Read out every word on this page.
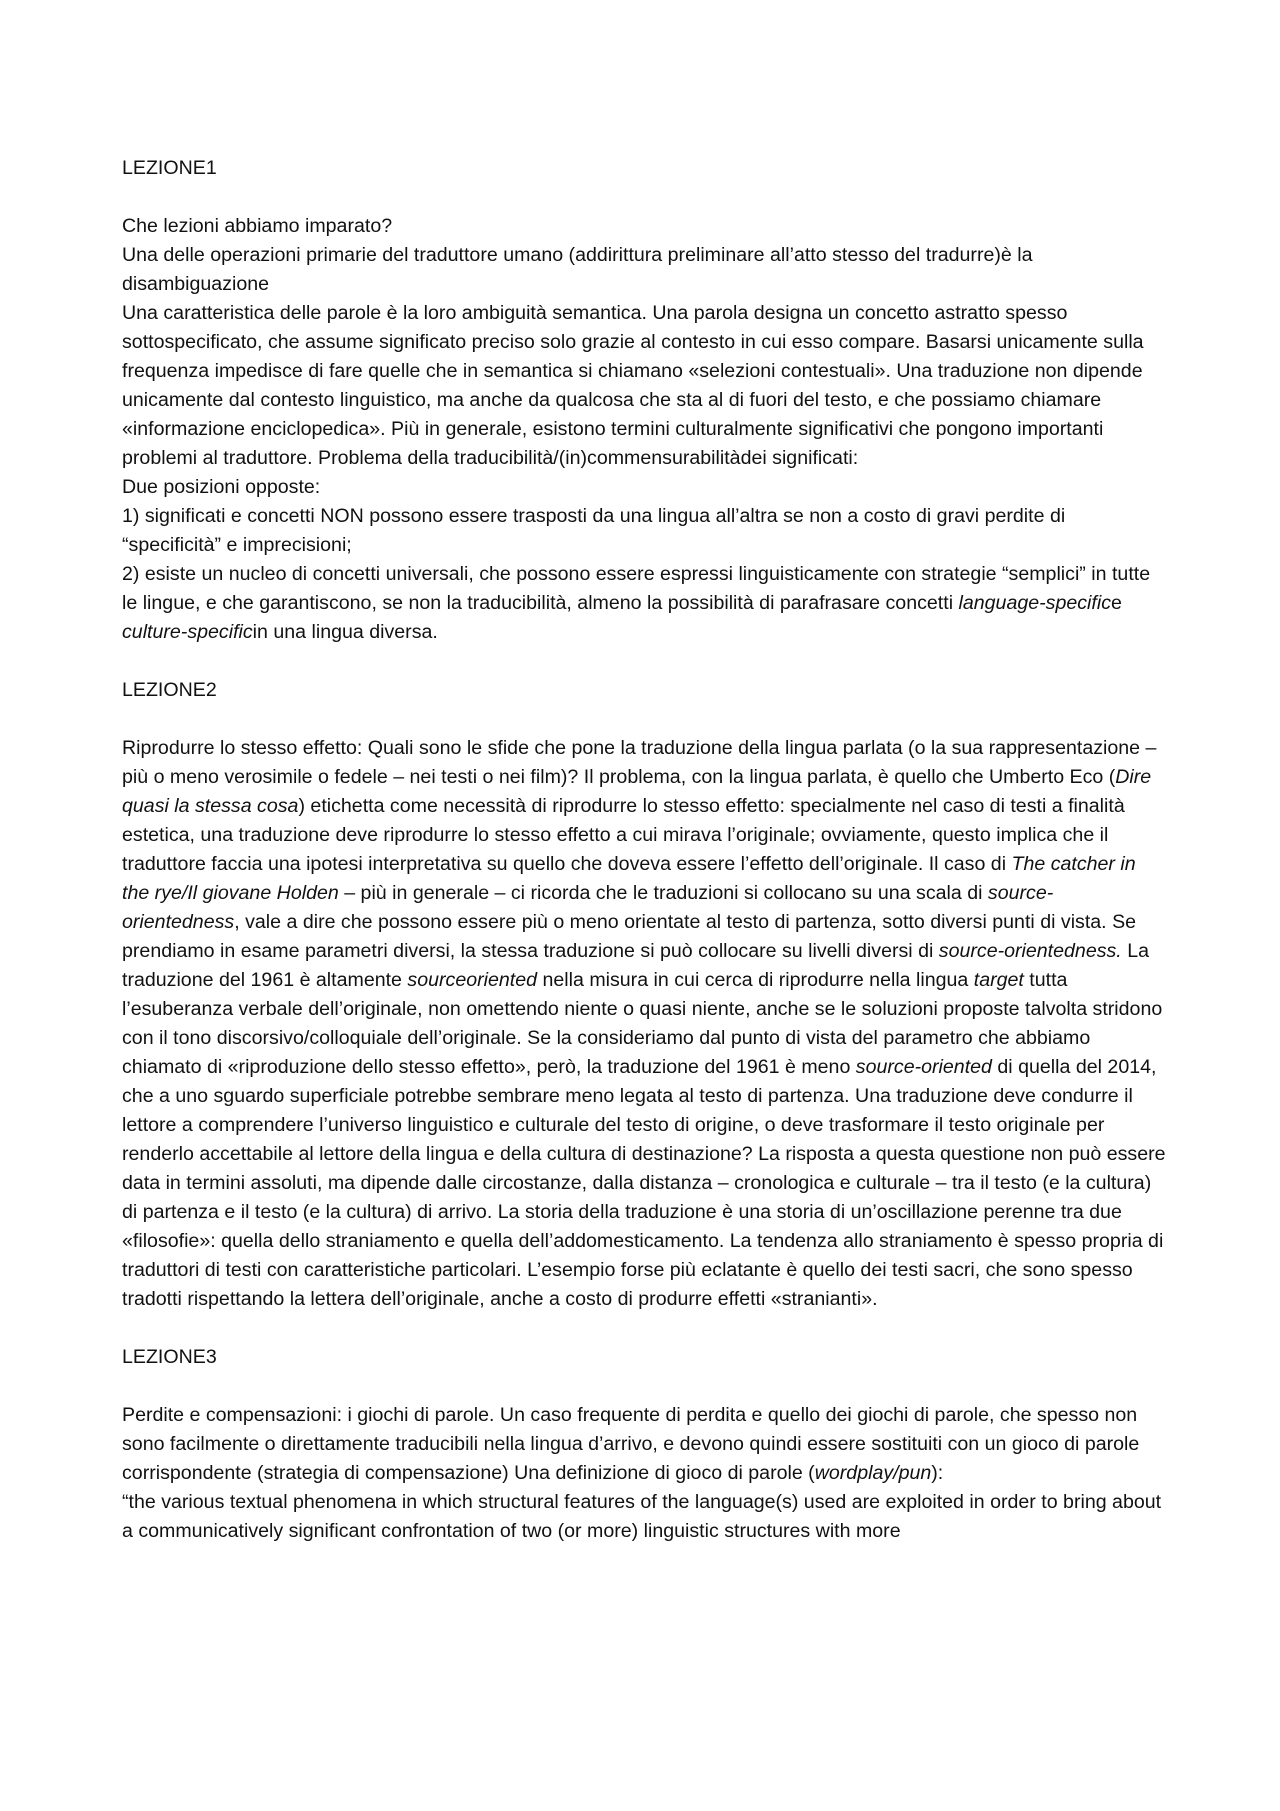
LEZIONE1

Che lezioni abbiamo imparato?

Una delle operazioni primarie del traduttore umano (addirittura preliminare all’atto stesso del tradurre)è la disambiguazione

Una caratteristica delle parole è la loro ambiguità semantica. Una parola designa un concetto astratto spesso sottospecificato, che assume significato preciso solo grazie al contesto in cui esso compare. Basarsi unicamente sulla frequenza impedisce di fare quelle che in semantica si chiamano «selezioni contestuali». Una traduzione non dipende unicamente dal contesto linguistico, ma anche da qualcosa che sta al di fuori del testo, e che possiamo chiamare «informazione enciclopedica». Più in generale, esistono termini culturalmente significativi che pongono importanti problemi al traduttore. Problema della traducibilità/(in)commensurabilitàdei significati:

Due posizioni opposte:

1) significati e concetti NON possono essere trasposti da una lingua all’altra se non a costo di gravi perdite di “specificità” e imprecisioni;

2) esiste un nucleo di concetti universali, che possono essere espressi linguisticamente con strategie “semplici” in tutte le lingue, e che garantiscono, se non la traducibilità, almeno la possibilità di parafrasare concetti language-specifice culture-specificin una lingua diversa.

LEZIONE2

Riprodurre lo stesso effetto: Quali sono le sfide che pone la traduzione della lingua parlata (o la sua rappresentazione – più o meno verosimile o fedele – nei testi o nei film)? Il problema, con la lingua parlata, è quello che Umberto Eco (Dire quasi la stessa cosa) etichetta come necessità di riprodurre lo stesso effetto: specialmente nel caso di testi a finalità estetica, una traduzione deve riprodurre lo stesso effetto a cui mirava l’originale; ovviamente, questo implica che il traduttore faccia una ipotesi interpretativa su quello che doveva essere l’effetto dell’originale. Il caso di The catcher in the rye/Il giovane Holden – più in generale – ci ricorda che le traduzioni si collocano su una scala di source-orientedness, vale a dire che possono essere più o meno orientate al testo di partenza, sotto diversi punti di vista. Se prendiamo in esame parametri diversi, la stessa traduzione si può collocare su livelli diversi di source-orientedness. La traduzione del 1961 è altamente sourceoriented nella misura in cui cerca di riprodurre nella lingua target tutta l’esuberanza verbale dell’originale, non omettendo niente o quasi niente, anche se le soluzioni proposte talvolta stridono con il tono discorsivo/colloquiale dell’originale. Se la consideriamo dal punto di vista del parametro che abbiamo chiamato di «riproduzione dello stesso effetto», però, la traduzione del 1961 è meno source-oriented di quella del 2014, che a uno sguardo superficiale potrebbe sembrare meno legata al testo di partenza. Una traduzione deve condurre il lettore a comprendere l’universo linguistico e culturale del testo di origine, o deve trasformare il testo originale per renderlo accettabile al lettore della lingua e della cultura di destinazione? La risposta a questa questione non può essere data in termini assoluti, ma dipende dalle circostanze, dalla distanza – cronologica e culturale – tra il testo (e la cultura) di partenza e il testo (e la cultura) di arrivo. La storia della traduzione è una storia di un’oscillazione perenne tra due «filosofie»: quella dello straniamento e quella dell’addomesticamento. La tendenza allo straniamento è spesso propria di traduttori di testi con caratteristiche particolari. L’esempio forse più eclatante è quello dei testi sacri, che sono spesso tradotti rispettando la lettera dell’originale, anche a costo di produrre effetti «stranianti».

LEZIONE3

Perdite e compensazioni: i giochi di parole. Un caso frequente di perdita e quello dei giochi di parole, che spesso non sono facilmente o direttamente traducibili nella lingua d’arrivo, e devono quindi essere sostituiti con un gioco di parole corrispondente (strategia di compensazione) Una definizione di gioco di parole (wordplay/pun):

“the various textual phenomena in which structural features of the language(s) used are exploited in order to bring about a communicatively significant confrontation of two (or more) linguistic structures with more
